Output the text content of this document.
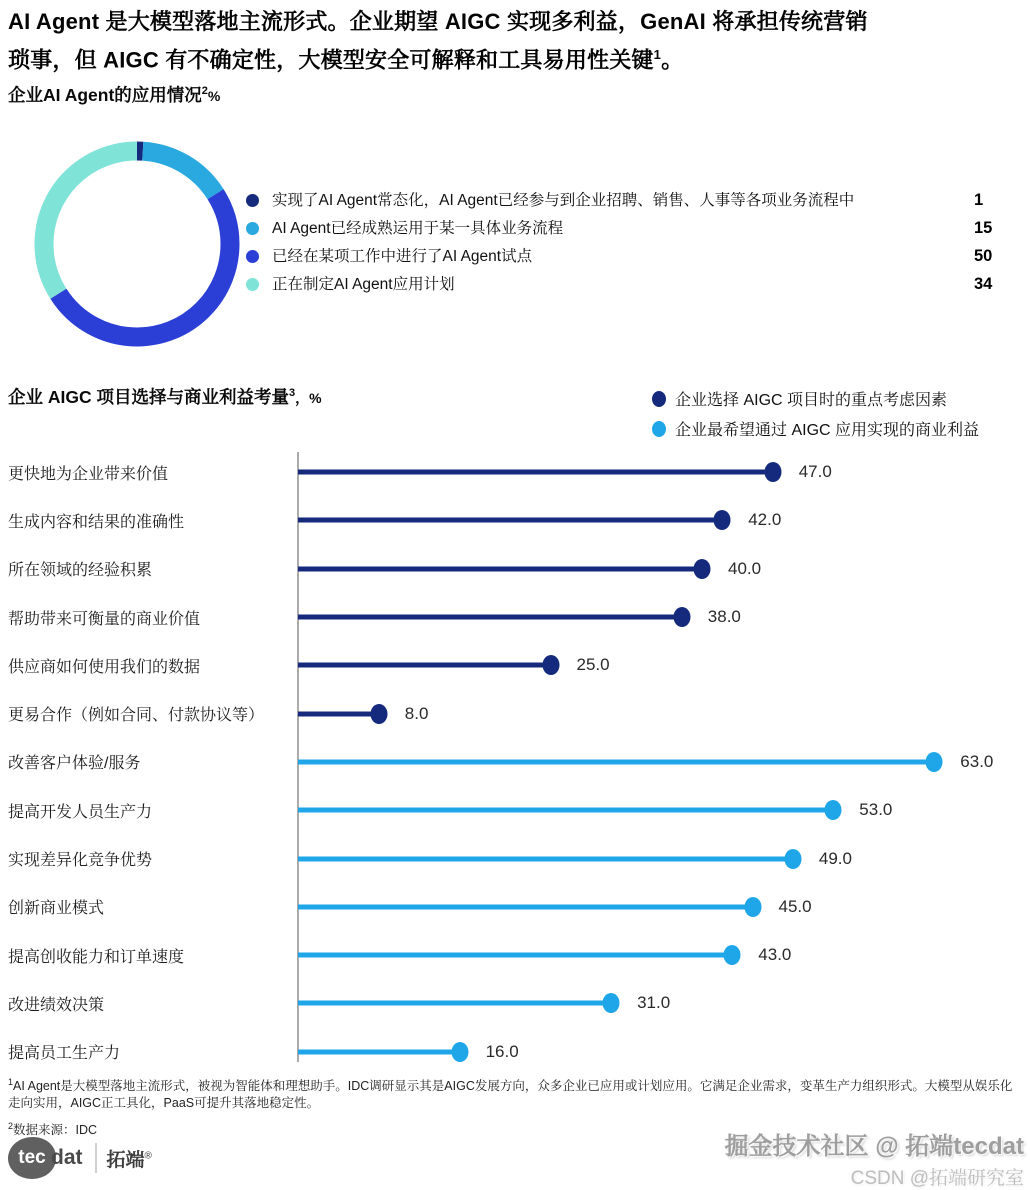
AI Agent 是大模型落地主流形式。企业期望 AIGC 实现多利益，GenAI 将承担传统营销
琐事，但 AIGC 有不确定性，大模型安全可解释和工具易用性关键$^1$。
企业AI Agent的应用情况$^2$%
实现了AI Agent常态化，AI Agent已经参与到企业招聘、销售、人事等各项业务流程中	1
AI Agent已经成熟运用于某一具体业务流程	15
已经在某项工作中进行了AI Agent试点	50
正在制定AI Agent应用计划	34
企业 AIGC 项目选择与商业利益考量$^3$，%	企业选择 AIGC 项目时的重点考虑因素
企业最希望通过 AIGC 应用实现的商业利益
更快地为企业带来价值	47.0
生成内容和结果的准确性	42.0
所在领域的经验积累	40.0
帮助带来可衡量的商业价值	38.0
供应商如何使用我们的数据	25.0
更易合作（例如合同、付款协议等）	8.0
改善客户体验/服务	63.0
提高开发人员生产力	53.0
实现差异化竞争优势	49.0
创新商业模式	45.0
提高创收能力和订单速度	43.0
改进绩效决策	31.0
提高员工生产力	16.0
$^1$AI Agent是大模型落地主流形式，被视为智能体和理想助手。IDC调研显示其是AIGC发展方向，众多企业已应用或计划应用。它满足企业需求，变革生产力组织形式。大模型从娱乐化走向实用，AIGC正工具化，PaaS可提升其落地稳定性。
$^2$数据来源：IDC
tec dat 拓端®	掘金技术社区 @ 拓端tecdat
CSDN @拓端研究室
